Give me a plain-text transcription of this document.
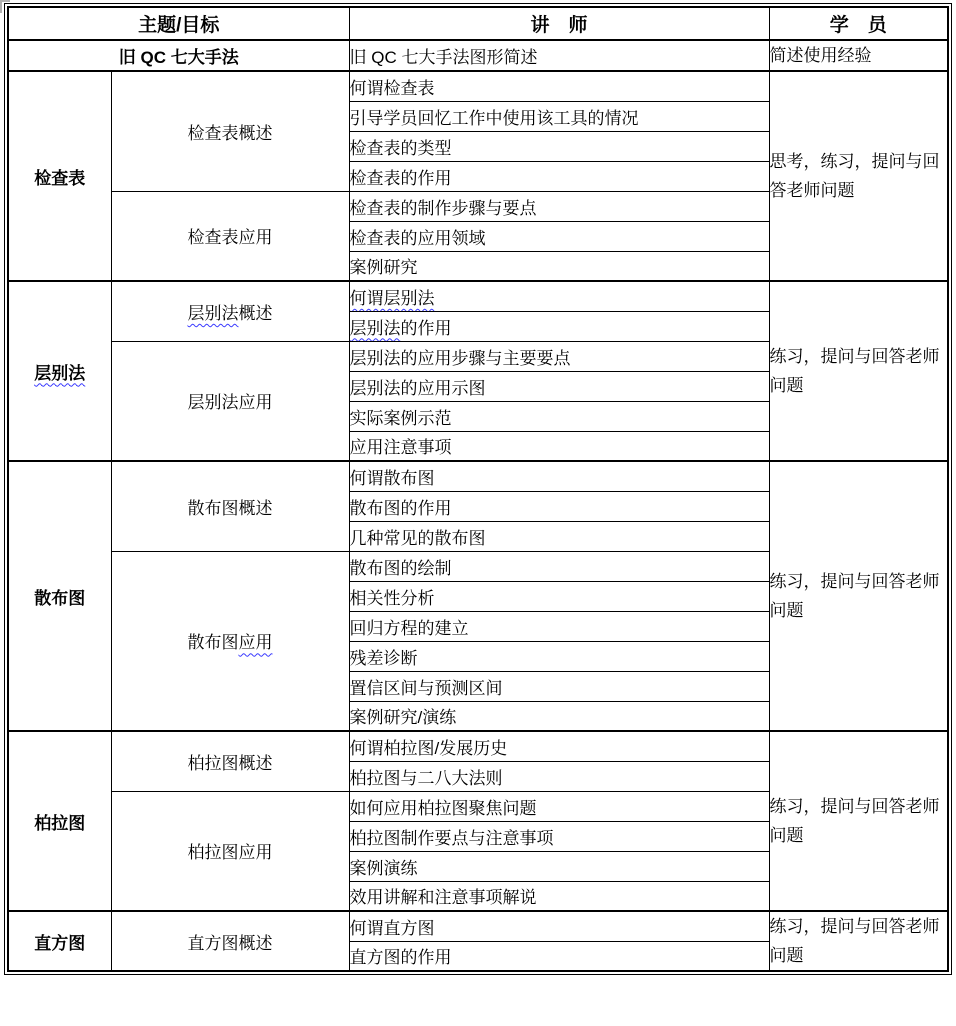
主题/目标		讲　师	学　员
旧 QC 七大手法		旧 QC 七大手法图形简述	简述使用经验
检查表	检查表概述	何谓检查表	思考，练习，提问与回答老师问题
		引导学员回忆工作中使用该工具的情况	
		检查表的类型	
		检查表的作用	
	检查表应用	检查表的制作步骤与要点	
		检查表的应用领域	
		案例研究	
层别法	层别法概述	何谓层别法	练习，提问与回答老师问题
		层别法的作用	
	层别法应用	层别法的应用步骤与主要要点	
		层别法的应用示图	
		实际案例示范	
		应用注意事项	
散布图	散布图概述	何谓散布图	练习，提问与回答老师问题
		散布图的作用	
		几种常见的散布图	
	散布图应用	散布图的绘制	
		相关性分析	
		回归方程的建立	
		残差诊断	
		置信区间与预测区间	
		案例研究/演练	
柏拉图	柏拉图概述	何谓柏拉图/发展历史	练习，提问与回答老师问题
		柏拉图与二八大法则	
	柏拉图应用	如何应用柏拉图聚焦问题	
		柏拉图制作要点与注意事项	
		案例演练	
		效用讲解和注意事项解说	
直方图	直方图概述	何谓直方图	练习，提问与回答老师问题
		直方图的作用	
